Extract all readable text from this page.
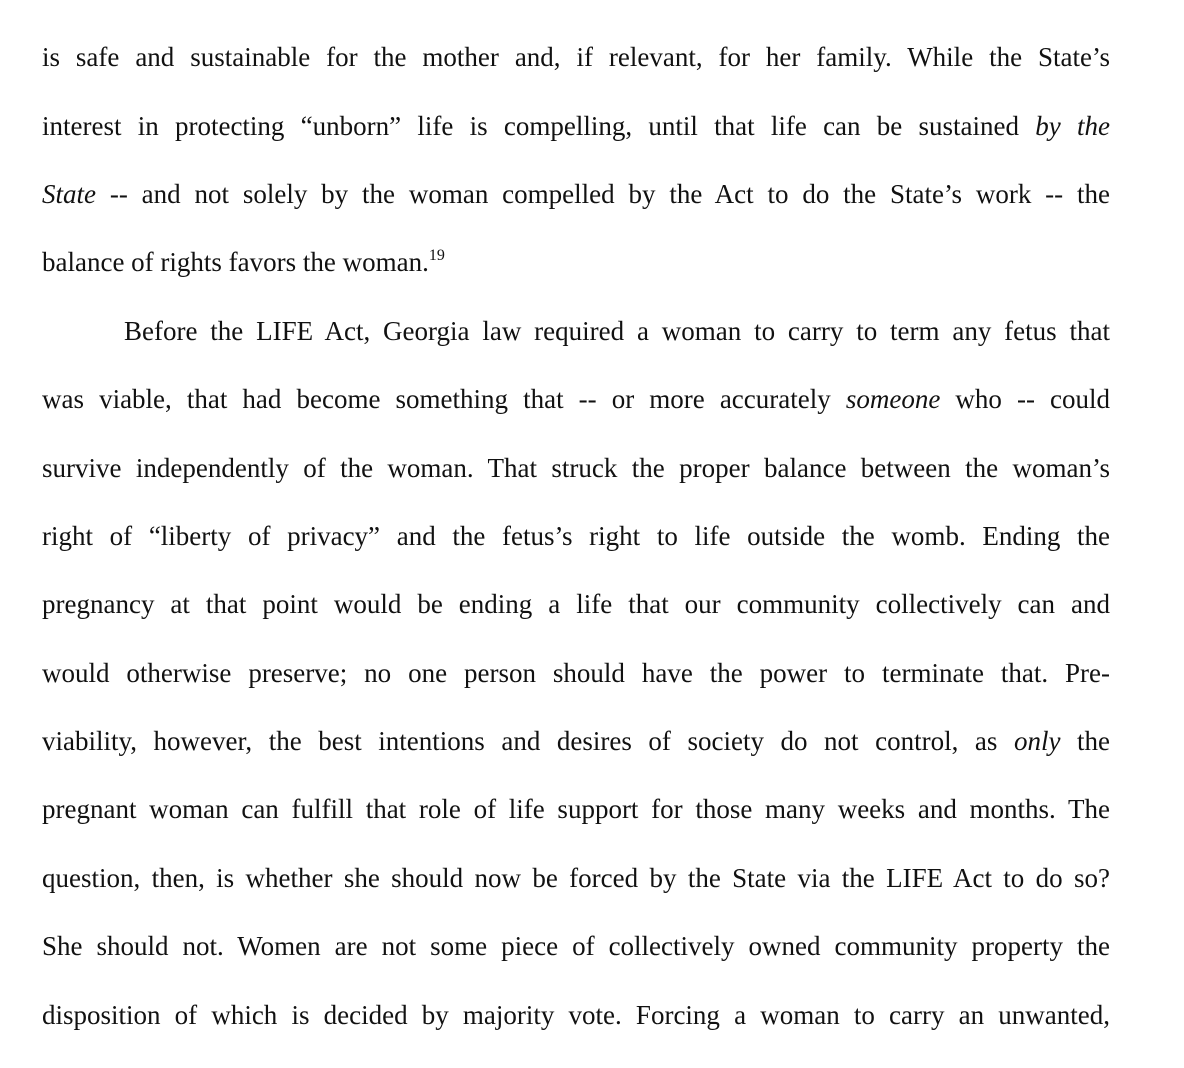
is safe and sustainable for the mother and, if relevant, for her family. While the State’s
interest in protecting “unborn” life is compelling, until that life can be sustained by the
State -- and not solely by the woman compelled by the Act to do the State’s work -- the
balance of rights favors the woman.$^{19}$
Before the LIFE Act, Georgia law required a woman to carry to term any fetus that
was viable, that had become something that -- or more accurately someone who -- could
survive independently of the woman. That struck the proper balance between the woman’s
right of “liberty of privacy” and the fetus’s right to life outside the womb. Ending the
pregnancy at that point would be ending a life that our community collectively can and
would otherwise preserve; no one person should have the power to terminate that. Pre-
viability, however, the best intentions and desires of society do not control, as only the
pregnant woman can fulfill that role of life support for those many weeks and months. The
question, then, is whether she should now be forced by the State via the LIFE Act to do so?
She should not. Women are not some piece of collectively owned community property the
disposition of which is decided by majority vote. Forcing a woman to carry an unwanted,
